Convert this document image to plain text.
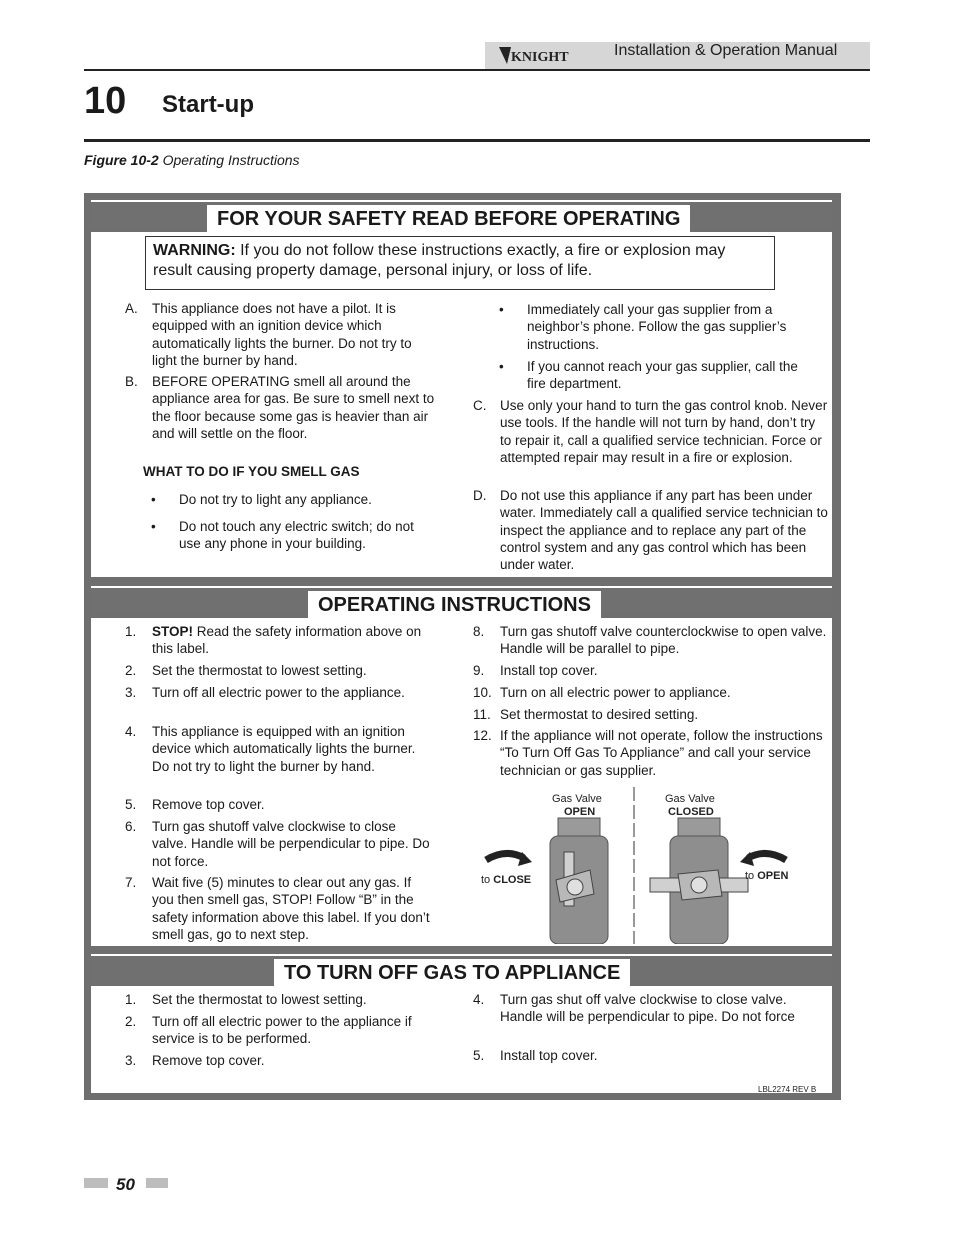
KNIGHT	Installation & Operation Manual
10 Start-up
Figure 10-2 Operating Instructions
FOR YOUR SAFETY READ BEFORE OPERATING
WARNING: If you do not follow these instructions exactly, a fire or explosion may result causing property damage, personal injury, or loss of life.
A. This appliance does not have a pilot. It is equipped with an ignition device which automatically lights the burner. Do not try to light the burner by hand.
B. BEFORE OPERATING smell all around the appliance area for gas. Be sure to smell next to the floor because some gas is heavier than air and will settle on the floor.
WHAT TO DO IF YOU SMELL GAS
• Do not try to light any appliance.
• Do not touch any electric switch; do not use any phone in your building.
• Immediately call your gas supplier from a neighbor’s phone. Follow the gas supplier’s instructions.
• If you cannot reach your gas supplier, call the fire department.
C. Use only your hand to turn the gas control knob. Never use tools. If the handle will not turn by hand, don’t try to repair it, call a qualified service technician. Force or attempted repair may result in a fire or explosion.
D. Do not use this appliance if any part has been under water. Immediately call a qualified service technician to inspect the appliance and to replace any part of the control system and any gas control which has been under water.
OPERATING INSTRUCTIONS
1. STOP! Read the safety information above on this label.
2. Set the thermostat to lowest setting.
3. Turn off all electric power to the appliance.
4. This appliance is equipped with an ignition device which automatically lights the burner. Do not try to light the burner by hand.
5. Remove top cover.
6. Turn gas shutoff valve clockwise to close valve. Handle will be perpendicular to pipe. Do not force.
7. Wait five (5) minutes to clear out any gas. If you then smell gas, STOP! Follow “B” in the safety information above this label. If you don’t smell gas, go to next step.
8. Turn gas shutoff valve counterclockwise to open valve. Handle will be parallel to pipe.
9. Install top cover.
10. Turn on all electric power to appliance.
11. Set thermostat to desired setting.
12. If the appliance will not operate, follow the instructions “To Turn Off Gas To Appliance” and call your service technician or gas supplier.
Gas Valve
OPEN
Gas Valve
CLOSED
to CLOSE	to OPEN
TO TURN OFF GAS TO APPLIANCE
1. Set the thermostat to lowest setting.
2. Turn off all electric power to the appliance if service is to be performed.
3. Remove top cover.
4. Turn gas shut off valve clockwise to close valve. Handle will be perpendicular to pipe. Do not force
5. Install top cover.
LBL2274 REV B
50
